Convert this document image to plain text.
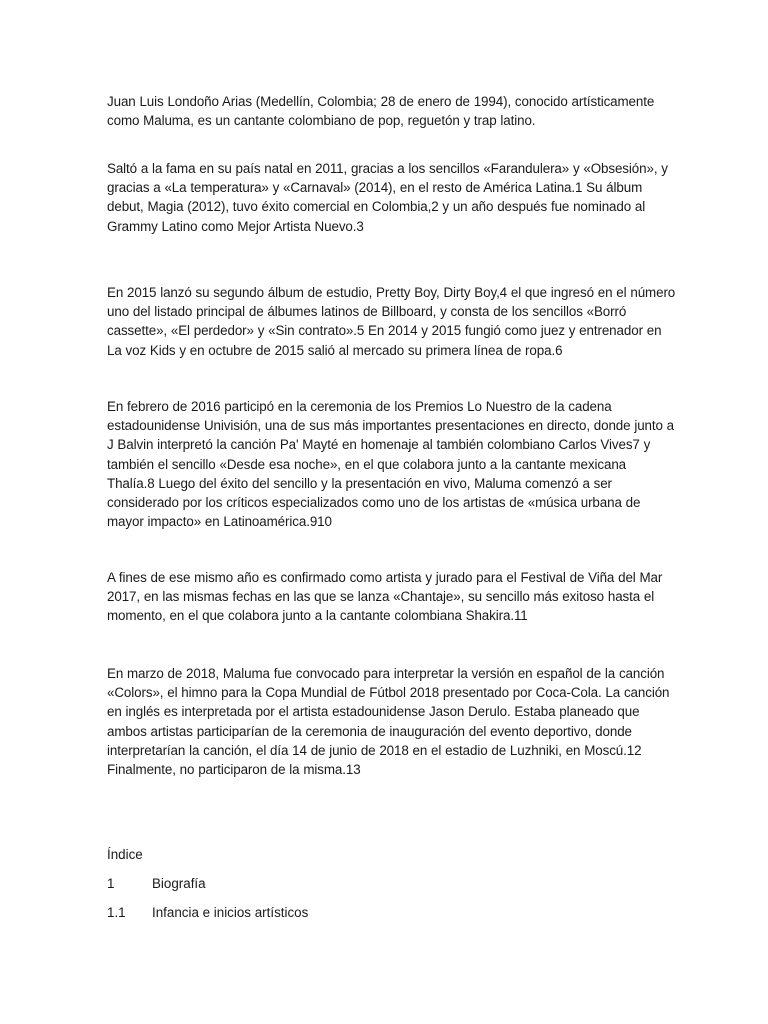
Juan Luis Londoño Arias (Medellín, Colombia; 28 de enero de 1994), conocido artísticamente como Maluma, es un cantante colombiano de pop, reguetón y trap latino.

Saltó a la fama en su país natal en 2011, gracias a los sencillos «Farandulera» y «Obsesión», y gracias a «La temperatura» y «Carnaval» (2014), en el resto de América Latina.1 Su álbum debut, Magia (2012), tuvo éxito comercial en Colombia,2 y un año después fue nominado al Grammy Latino como Mejor Artista Nuevo.3

En 2015 lanzó su segundo álbum de estudio, Pretty Boy, Dirty Boy,4 el que ingresó en el número uno del listado principal de álbumes latinos de Billboard, y consta de los sencillos «Borró cassette», «El perdedor» y «Sin contrato».5 En 2014 y 2015 fungió como juez y entrenador en La voz Kids y en octubre de 2015 salió al mercado su primera línea de ropa.6

En febrero de 2016 participó en la ceremonia de los Premios Lo Nuestro de la cadena estadounidense Univisión, una de sus más importantes presentaciones en directo, donde junto a J Balvin interpretó la canción Pa' Mayté en homenaje al también colombiano Carlos Vives7 y también el sencillo «Desde esa noche», en el que colabora junto a la cantante mexicana Thalía.8 Luego del éxito del sencillo y la presentación en vivo, Maluma comenzó a ser considerado por los críticos especializados como uno de los artistas de «música urbana de mayor impacto» en Latinoamérica.910

A fines de ese mismo año es confirmado como artista y jurado para el Festival de Viña del Mar 2017, en las mismas fechas en las que se lanza «Chantaje», su sencillo más exitoso hasta el momento, en el que colabora junto a la cantante colombiana Shakira.11

En marzo de 2018, Maluma fue convocado para interpretar la versión en español de la canción «Colors», el himno para la Copa Mundial de Fútbol 2018 presentado por Coca-Cola. La canción en inglés es interpretada por el artista estadounidense Jason Derulo. Estaba planeado que ambos artistas participarían de la ceremonia de inauguración del evento deportivo, donde interpretarían la canción, el día 14 de junio de 2018 en el estadio de Luzhniki, en Moscú.12 Finalmente, no participaron de la misma.13

Índice

1	Biografía
1.1	Infancia e inicios artísticos
